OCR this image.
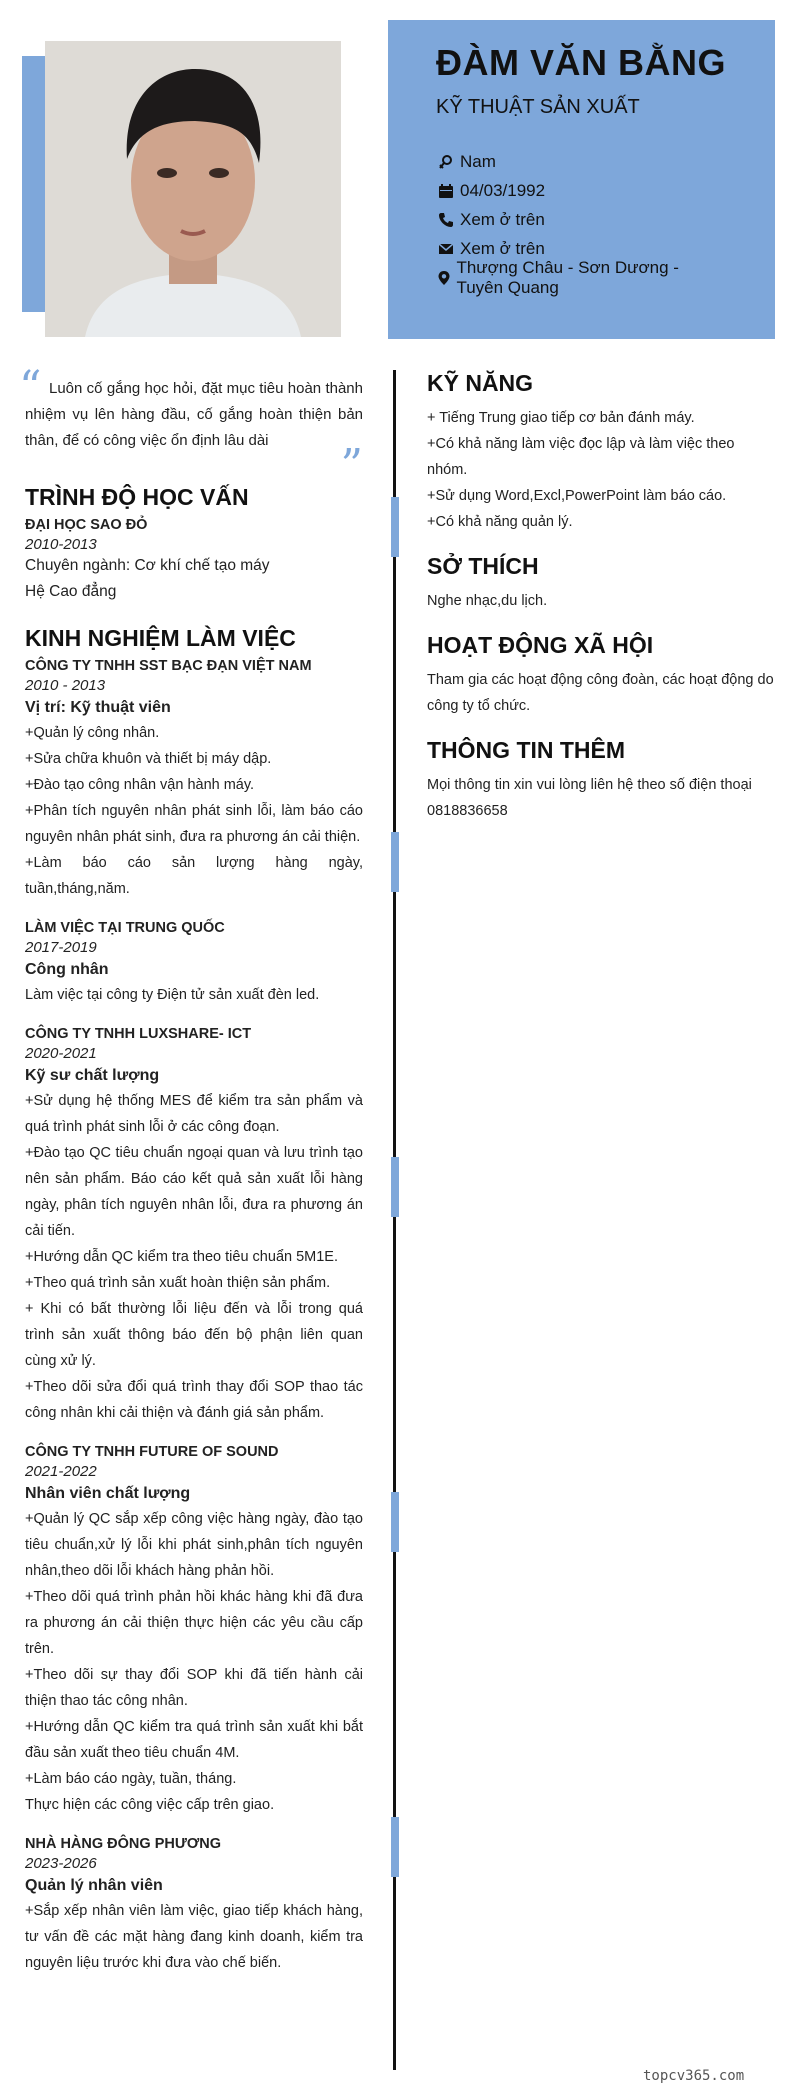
ĐÀM VĂN BẰNG
KỸ THUẬT SẢN XUẤT
Nam
04/03/1992
Xem ở trên
Xem ở trên
Thượng Châu - Sơn Dương - Tuyên Quang
“ Luôn cố gắng học hỏi, đặt mục tiêu hoàn thành nhiệm vụ lên hàng đầu, cố gắng hoàn thiện bản thân, để có công việc ổn định lâu dài	”
TRÌNH ĐỘ HỌC VẤN
ĐẠI HỌC SAO ĐỎ
2010-2013
Chuyên ngành: Cơ khí chế tạo máy
Hệ Cao đẳng
KINH NGHIỆM LÀM VIỆC
CÔNG TY TNHH SST BẠC ĐẠN VIỆT NAM
2010 - 2013
Vị trí: Kỹ thuật viên
+Quản lý công nhân.
+Sửa chữa khuôn và thiết bị máy dập.
+Đào tạo công nhân vận hành máy.
+Phân tích nguyên nhân phát sinh lỗi, làm báo cáo nguyên nhân phát sinh, đưa ra phương án cải thiện.
+Làm báo cáo sản lượng hàng ngày, tuần,tháng,năm.
LÀM VIỆC TẠI TRUNG QUỐC
2017-2019
Công nhân
Làm việc tại công ty Điện tử sản xuất đèn led.
CÔNG TY TNHH LUXSHARE- ICT
2020-2021
Kỹ sư chất lượng
+Sử dụng hệ thống MES để kiểm tra sản phẩm và quá trình phát sinh lỗi ở các công đoạn.
+Đào tạo QC tiêu chuẩn ngoại quan và lưu trình tạo nên sản phẩm. Báo cáo kết quả sản xuất lỗi hàng ngày, phân tích nguyên nhân lỗi, đưa ra phương án cải tiến.
+Hướng dẫn QC kiểm tra theo tiêu chuẩn 5M1E.
+Theo quá trình sản xuất hoàn thiện sản phẩm.
+ Khi có bất thường lỗi liệu đến và lỗi trong quá trình sản xuất thông báo đến bộ phận liên quan cùng xử lý.
+Theo dõi sửa đổi quá trình thay đổi SOP thao tác công nhân khi cải thiện và đánh giá sản phẩm.
CÔNG TY TNHH FUTURE OF SOUND
2021-2022
Nhân viên chất lượng
+Quản lý QC sắp xếp công việc hàng ngày, đào tạo tiêu chuẩn,xử lý lỗi khi phát sinh,phân tích nguyên nhân,theo dõi lỗi khách hàng phản hồi.
+Theo dõi quá trình phản hồi khác hàng khi đã đưa ra phương án cải thiện thực hiện các yêu cầu cấp trên.
+Theo dõi sự thay đổi SOP khi đã tiến hành cải thiện thao tác công nhân.
+Hướng dẫn QC kiểm tra quá trình sản xuất khi bắt đầu sản xuất theo tiêu chuẩn 4M.
+Làm báo cáo ngày, tuần, tháng.
Thực hiện các công việc cấp trên giao.
NHÀ HÀNG ĐÔNG PHƯƠNG
2023-2026
Quản lý nhân viên
+Sắp xếp nhân viên làm việc, giao tiếp khách hàng, tư vấn đề các mặt hàng đang kinh doanh, kiểm tra nguyên liệu trước khi đưa vào chế biến.
KỸ NĂNG
+ Tiếng Trung giao tiếp cơ bản đánh máy.
+Có khả năng làm việc đọc lập và làm việc theo nhóm.
+Sử dụng Word,Excl,PowerPoint làm báo cáo.
+Có khả năng quản lý.
SỞ THÍCH
Nghe nhạc,du lịch.
HOẠT ĐỘNG XÃ HỘI
Tham gia các hoạt động công đoàn, các hoạt động do công ty tổ chức.
THÔNG TIN THÊM
Mọi thông tin xin vui lòng liên hệ theo số điện thoại 0818836658
topcv365.com
